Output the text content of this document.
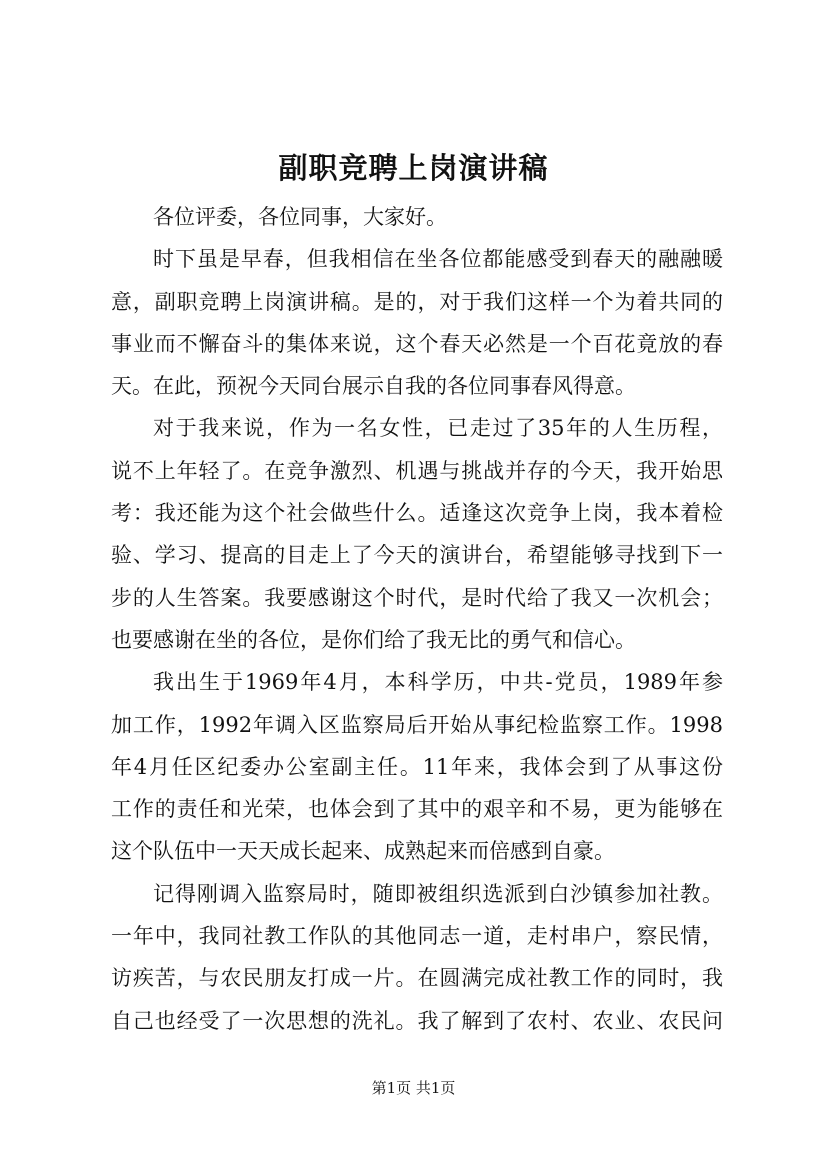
副职竞聘上岗演讲稿
各位评委，各位同事，大家好。
时下虽是早春，但我相信在坐各位都能感受到春天的融融暖
意，副职竞聘上岗演讲稿。是的，对于我们这样一个为着共同的
事业而不懈奋斗的集体来说，这个春天必然是一个百花竟放的春
天。在此，预祝今天同台展示自我的各位同事春风得意。
对于我来说，作为一名女性，已走过了35年的人生历程，
说不上年轻了。在竞争激烈、机遇与挑战并存的今天，我开始思
考：我还能为这个社会做些什么。适逢这次竞争上岗，我本着检
验、学习、提高的目走上了今天的演讲台，希望能够寻找到下一
步的人生答案。我要感谢这个时代，是时代给了我又一次机会；
也要感谢在坐的各位，是你们给了我无比的勇气和信心。
我出生于1969年4月，本科学历，中共-党员，1989年参
加工作，1992年调入区监察局后开始从事纪检监察工作。1998
年4月任区纪委办公室副主任。11年来，我体会到了从事这份
工作的责任和光荣，也体会到了其中的艰辛和不易，更为能够在
这个队伍中一天天成长起来、成熟起来而倍感到自豪。
记得刚调入监察局时，随即被组织选派到白沙镇参加社教。
一年中，我同社教工作队的其他同志一道，走村串户，察民情，
访疾苦，与农民朋友打成一片。在圆满完成社教工作的同时，我
自己也经受了一次思想的洗礼。我了解到了农村、农业、农民问
第1页 共1页
